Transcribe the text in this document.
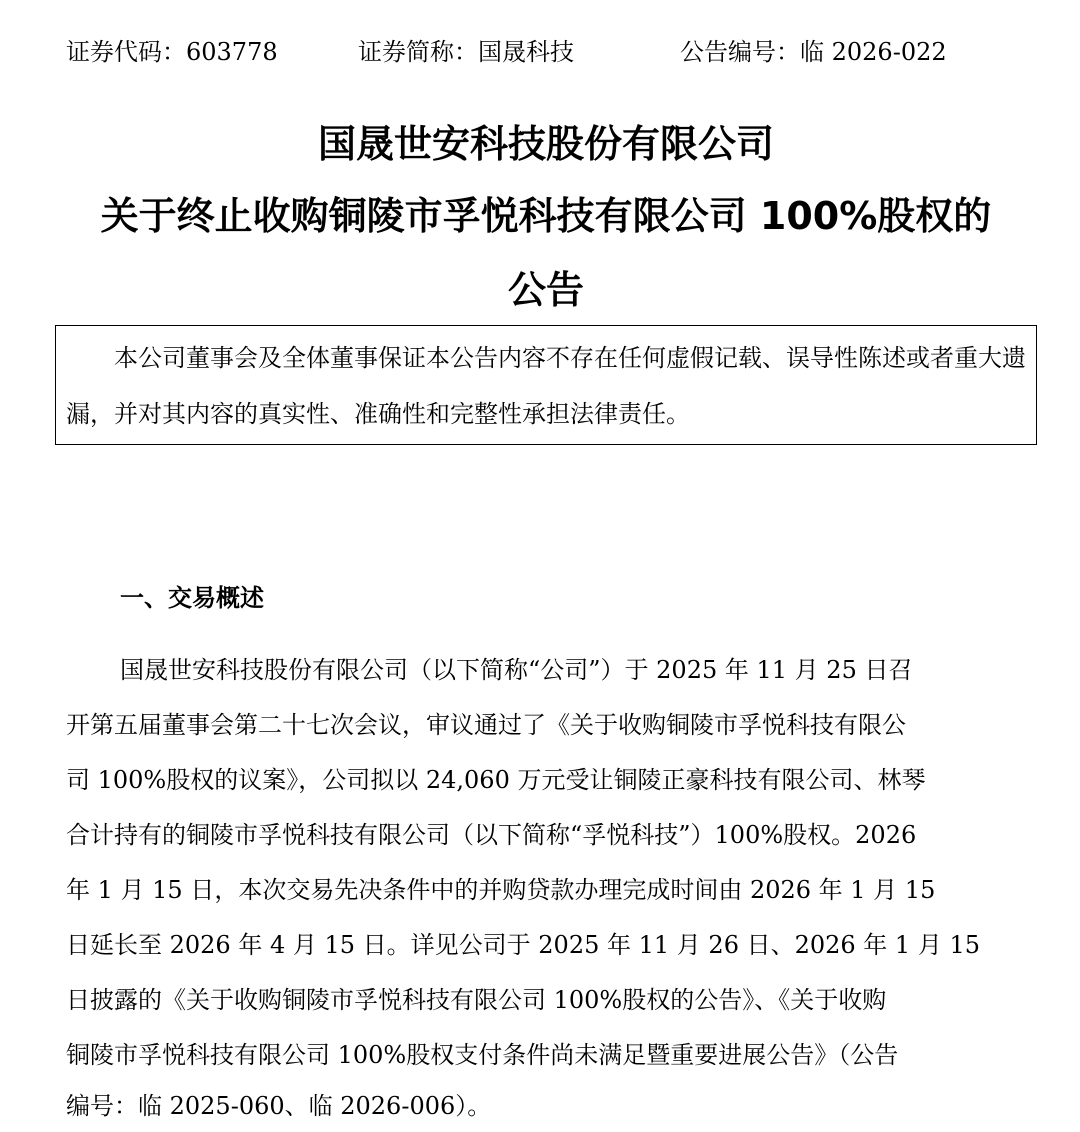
证券代码：603778	证券简称：国晟科技	公告编号：临 2026-022
国晟世安科技股份有限公司
关于终止收购铜陵市孚悦科技有限公司 100%股权的
公告

本公司董事会及全体董事保证本公告内容不存在任何虚假记载、误导性陈述或者重大遗漏，并对其内容的真实性、准确性和完整性承担法律责任。

一、交易概述
国晟世安科技股份有限公司（以下简称“公司”）于 2025 年 11 月 25 日召
开第五届董事会第二十七次会议，审议通过了《关于收购铜陵市孚悦科技有限公
司 100%股权的议案》，公司拟以 24,060 万元受让铜陵正豪科技有限公司、林琴
合计持有的铜陵市孚悦科技有限公司（以下简称“孚悦科技”）100%股权。2026
年 1 月 15 日，本次交易先决条件中的并购贷款办理完成时间由 2026 年 1 月 15
日延长至 2026 年 4 月 15 日。详见公司于 2025 年 11 月 26 日、2026 年 1 月 15
日披露的《关于收购铜陵市孚悦科技有限公司 100%股权的公告》、《关于收购
铜陵市孚悦科技有限公司 100%股权支付条件尚未满足暨重要进展公告》（公告
编号：临 2025-060、临 2026-006）。
